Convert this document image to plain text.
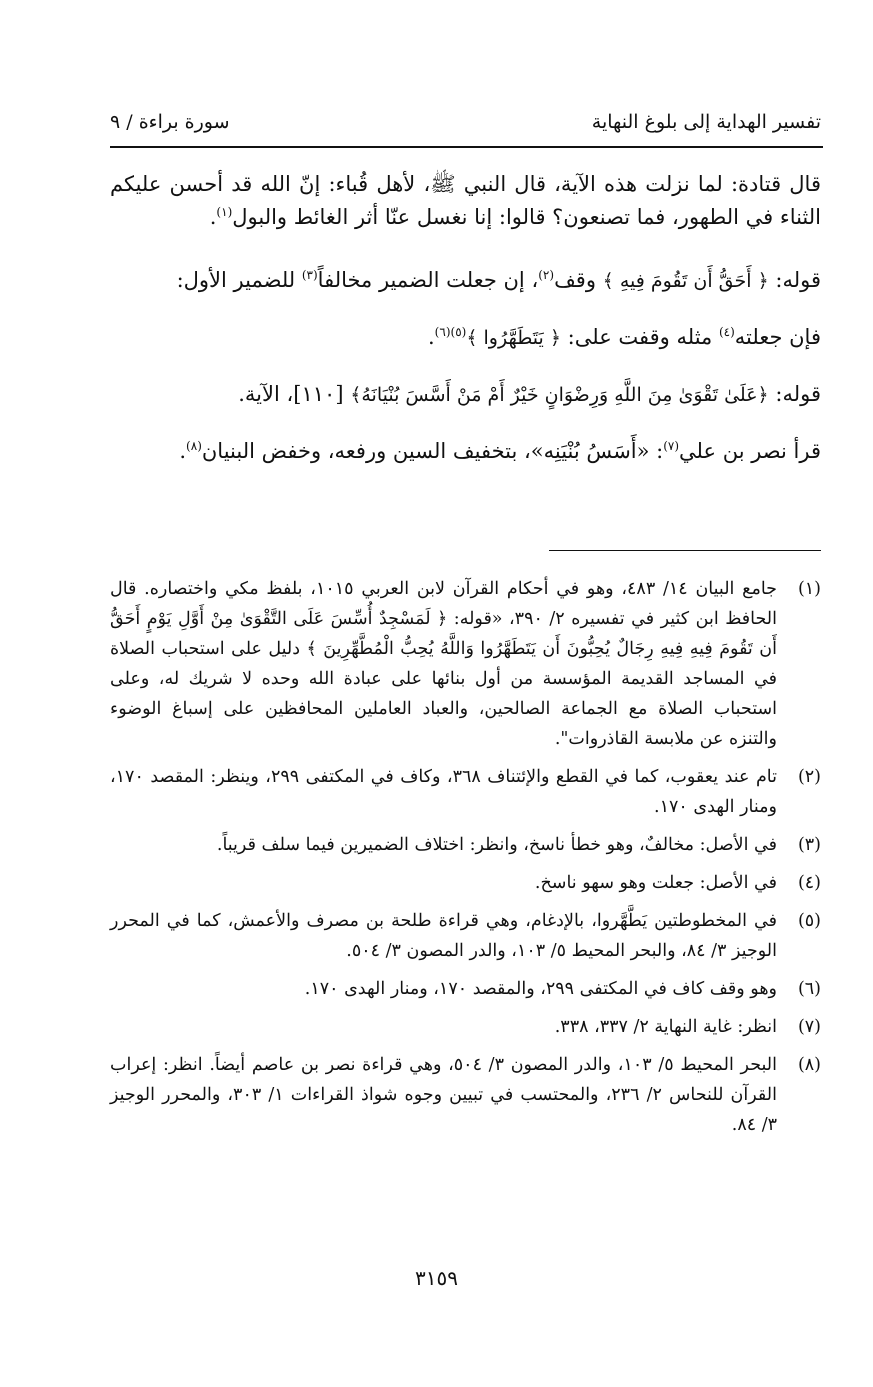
تفسير الهداية إلى بلوغ النهاية
سورة براءة / ٩

قال قتادة: لما نزلت هذه الآية، قال النبي ﷺ، لأهل قُباء: إنّ الله قد أحسن عليكم الثناء في الطهور، فما تصنعون؟ قالوا: إنا نغسل عنّا أثر الغائط والبول$^{(١)}$.

قوله: ﴿ أَحَقُّ أَن تَقُومَ فِيهِ ﴾ وقف$^{(٢)}$، إن جعلت الضمير مخالفاً$^{(٣)}$ للضمير الأول:

فإن جعلته$^{(٤)}$ مثله وقفت على: ﴿ يَتَطَهَّرُوا ﴾$^{(٥)(٦)}$.

قوله: ﴿عَلَىٰ تَقْوَىٰ مِنَ اللَّهِ وَرِضْوَانٍ خَيْرٌ أَمْ مَنْ أَسَّسَ بُنْيَانَهُ﴾ [١١٠]، الآية.

قرأ نصر بن علي$^{(٧)}$: «أَسَسُ بُنْيَنِه»، بتخفيف السين ورفعه، وخفض البنيان$^{(٨)}$.

(١)
جامع البيان ١٤/ ٤٨٣، وهو في أحكام القرآن لابن العربي ١٠١٥، بلفظ مكي واختصاره. قال الحافظ ابن كثير في تفسيره ٢/ ٣٩٠، «قوله: ﴿ لَمَسْجِدٌ أُسِّسَ عَلَى التَّقْوَىٰ مِنْ أَوَّلِ يَوْمٍ أَحَقُّ أَن تَقُومَ فِيهِ فِيهِ رِجَالٌ يُحِبُّونَ أَن يَتَطَهَّرُوا وَاللَّهُ يُحِبُّ الْمُطَّهِّرِينَ ﴾ دليل على استحباب الصلاة في المساجد القديمة المؤسسة من أول بنائها على عبادة الله وحده لا شريك له، وعلى استحباب الصلاة مع الجماعة الصالحين، والعباد العاملين المحافظين على إسباغ الوضوء والتنزه عن ملابسة القاذروات".
(٢)
تام عند يعقوب، كما في القطع والإئتناف ٣٦٨، وكاف في المكتفى ٢٩٩، وينظر: المقصد ١٧٠، ومنار الهدى ١٧٠.
(٣)
في الأصل: مخالفٌ، وهو خطأ ناسخ، وانظر: اختلاف الضميرين فيما سلف قريباً.
(٤)
في الأصل: جعلت وهو سهو ناسخ.
(٥)
في المخطوطتين يَطَّهَّروا، بالإدغام، وهي قراءة طلحة بن مصرف والأعمش، كما في المحرر الوجيز ٣/ ٨٤، والبحر المحيط ٥/ ١٠٣، والدر المصون ٣/ ٥٠٤.
(٦)
وهو وقف كاف في المكتفى ٢٩٩، والمقصد ١٧٠، ومنار الهدى ١٧٠.
(٧)
انظر: غاية النهاية ٢/ ٣٣٧، ٣٣٨.
(٨)
البحر المحيط ٥/ ١٠٣، والدر المصون ٣/ ٥٠٤، وهي قراءة نصر بن عاصم أيضاً. انظر: إعراب القرآن للنحاس ٢/ ٢٣٦، والمحتسب في تبيين وجوه شواذ القراءات ١/ ٣٠٣، والمحرر الوجيز ٣/ ٨٤.
٣١٥٩
